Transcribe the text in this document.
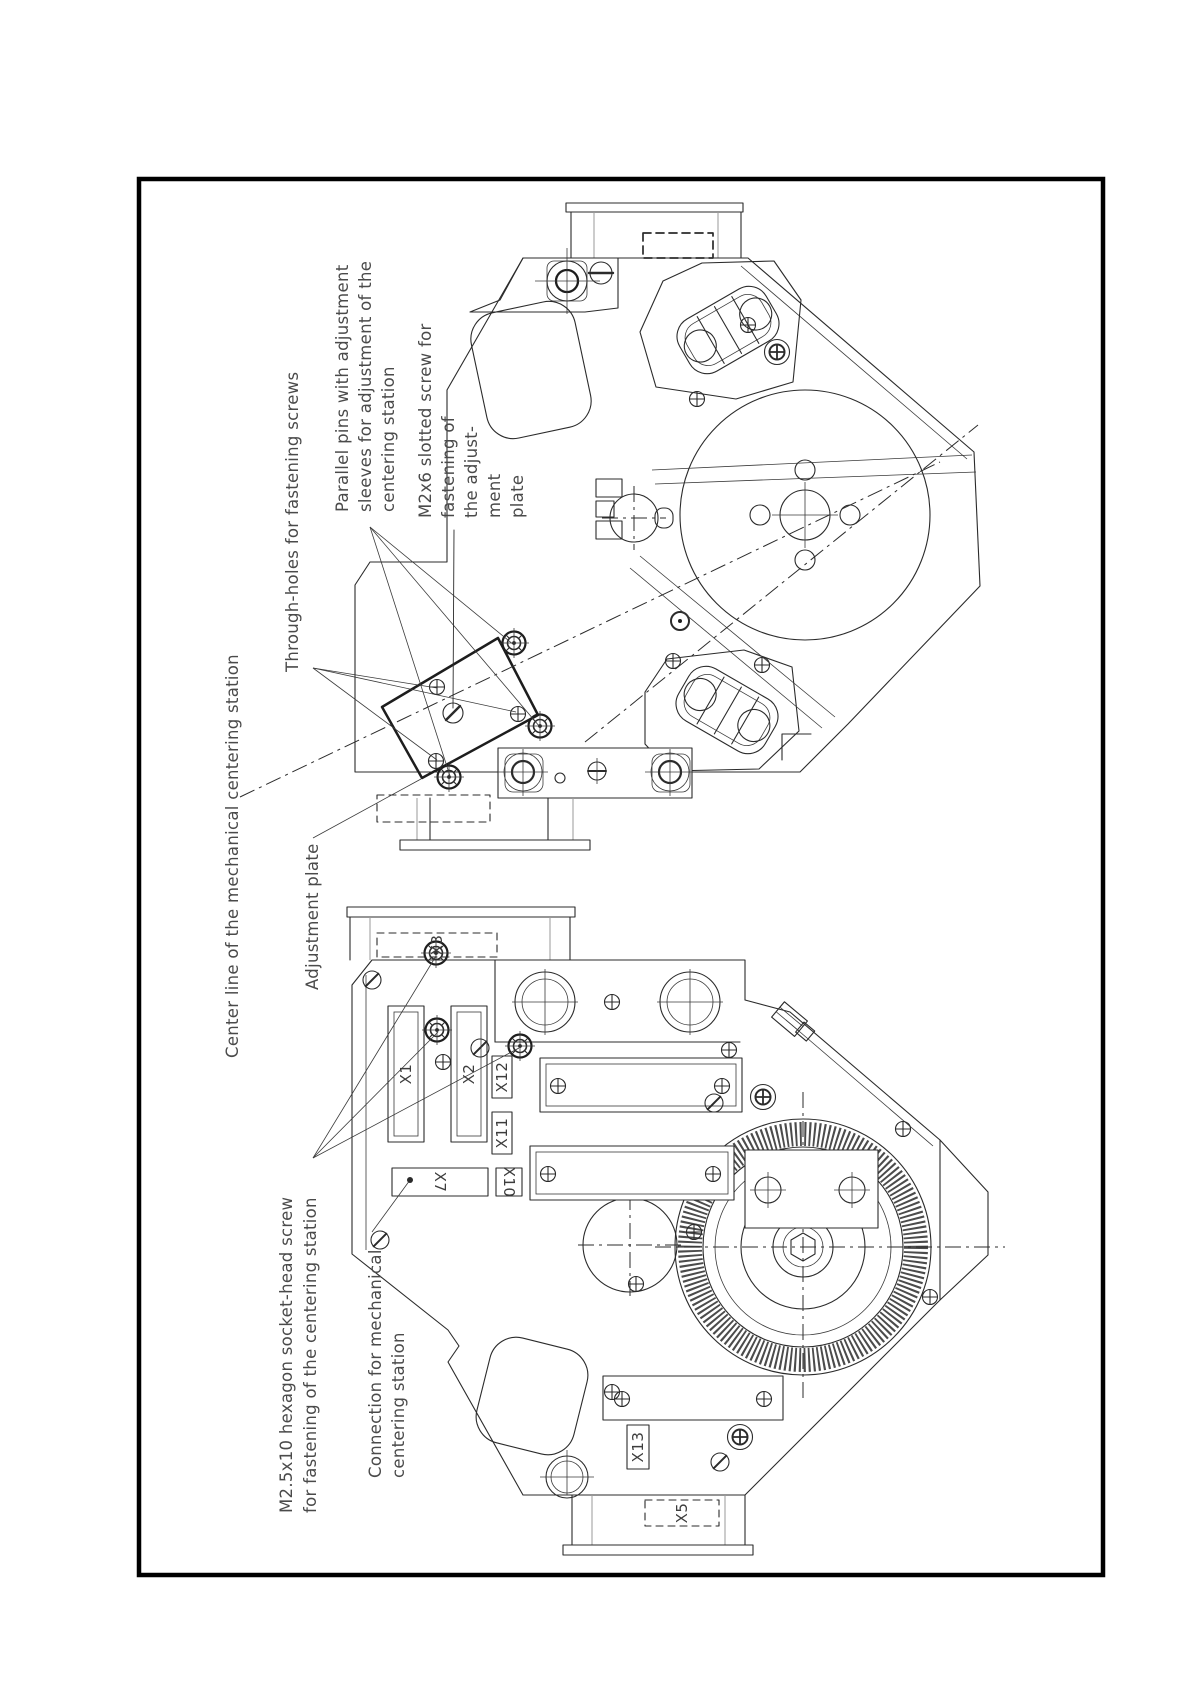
X1	X2
X3
X12
X11
X10
X7
X13
X5
Parallel pins with adjustment sleeves for adjustment of the centering station
Through-holes for fastening screws	M2x6 slotted screw for fastening of the adjust- ment plate
Center line of the mechanical centering station	Adjustment plate
M2.5x10 hexagon socket-head screw for fastening of the centering station	Connection for mechanical centering station
